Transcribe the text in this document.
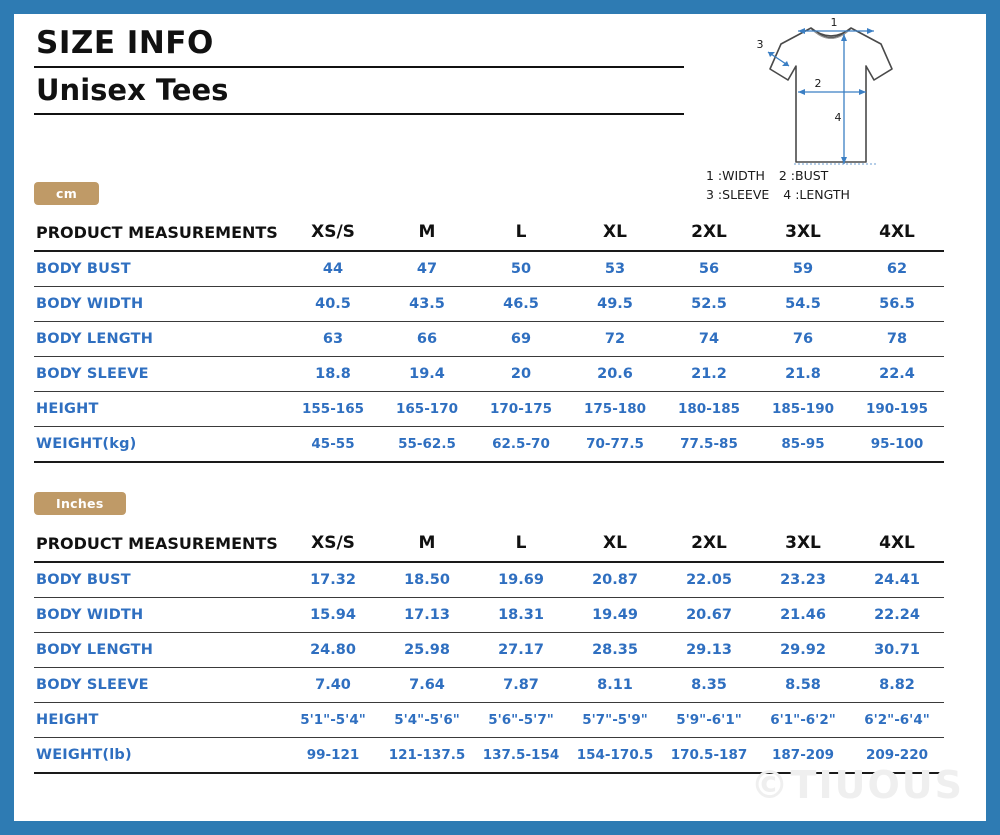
SIZE INFO
Unisex Tees
1
3
2
4
1 :WIDTH 2 :BUST
3 :SLEEVE 4 :LENGTH
cm
PRODUCT MEASUREMENTS	XS/S	M	L	XL	2XL	3XL	4XL
BODY BUST	44	47	50	53	56	59	62
BODY WIDTH	40.5	43.5	46.5	49.5	52.5	54.5	56.5
BODY LENGTH	63	66	69	72	74	76	78
BODY SLEEVE	18.8	19.4	20	20.6	21.2	21.8	22.4
HEIGHT	155-165	165-170	170-175	175-180	180-185	185-190	190-195
WEIGHT(kg)	45-55	55-62.5	62.5-70	70-77.5	77.5-85	85-95	95-100
Inches
PRODUCT MEASUREMENTS	XS/S	M	L	XL	2XL	3XL	4XL
BODY BUST	17.32	18.50	19.69	20.87	22.05	23.23	24.41
BODY WIDTH	15.94	17.13	18.31	19.49	20.67	21.46	22.24
BODY LENGTH	24.80	25.98	27.17	28.35	29.13	29.92	30.71
BODY SLEEVE	7.40	7.64	7.87	8.11	8.35	8.58	8.82
HEIGHT	5'1"-5'4"	5'4"-5'6"	5'6"-5'7"	5'7"-5'9"	5'9"-6'1"	6'1"-6'2"	6'2"-6'4"
WEIGHT(lb)	99-121	121-137.5	137.5-154	154-170.5	170.5-187	187-209	209-220
©TIUOUS
